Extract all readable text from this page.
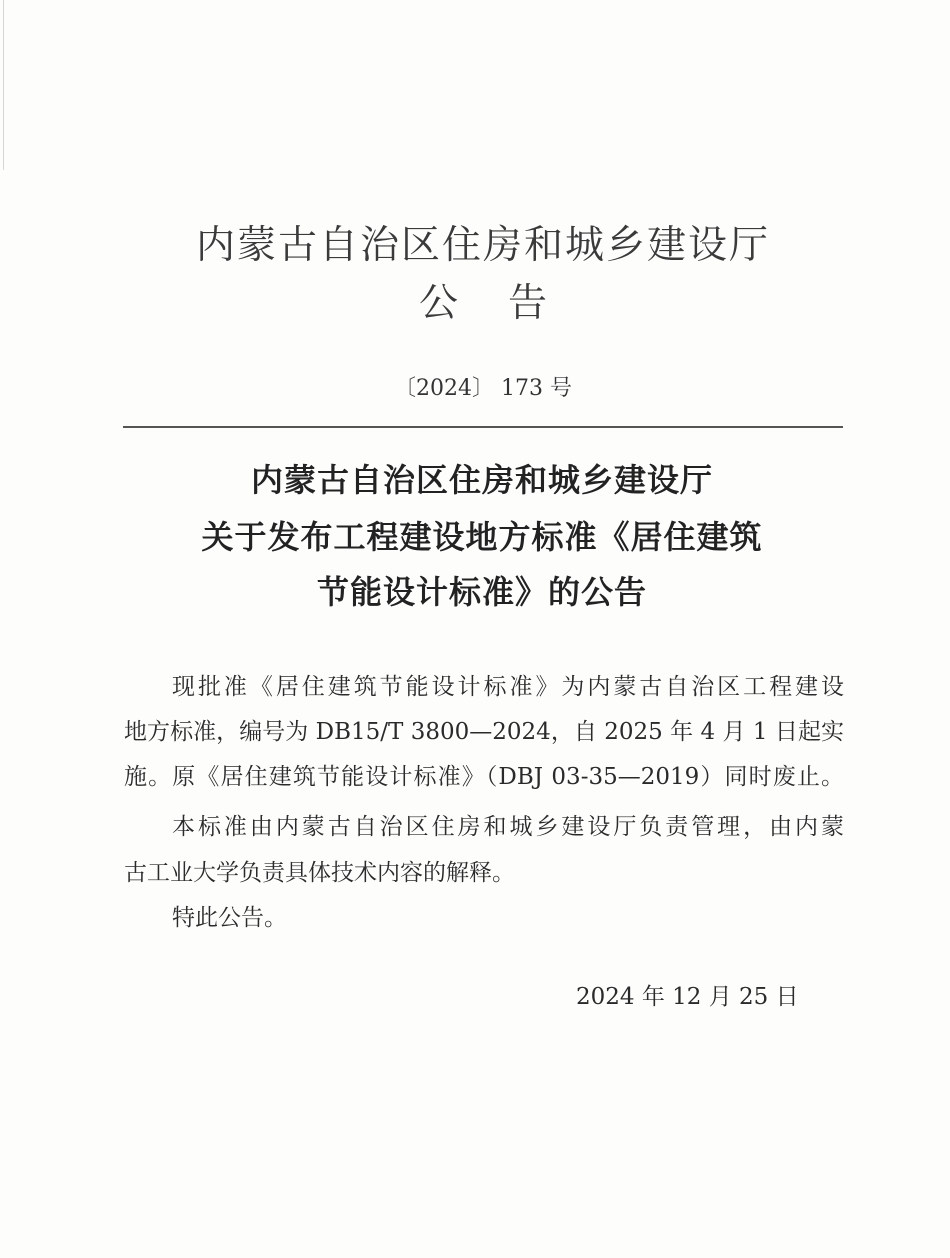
内蒙古自治区住房和城乡建设厅
公告
〔2024〕 173 号
内蒙古自治区住房和城乡建设厅
关于发布工程建设地方标准《居住建筑
节能设计标准》的公告
现批准《居住建筑节能设计标准》为内蒙古自治区工程建设
地方标准，编号为 DB15/T 3800—2024，自 2025 年 4 月 1 日起实
施。原《居住建筑节能设计标准》（DBJ 03-35—2019）同时废止。
本标准由内蒙古自治区住房和城乡建设厅负责管理，由内蒙
古工业大学负责具体技术内容的解释。
特此公告。
2024 年 12 月 25 日
